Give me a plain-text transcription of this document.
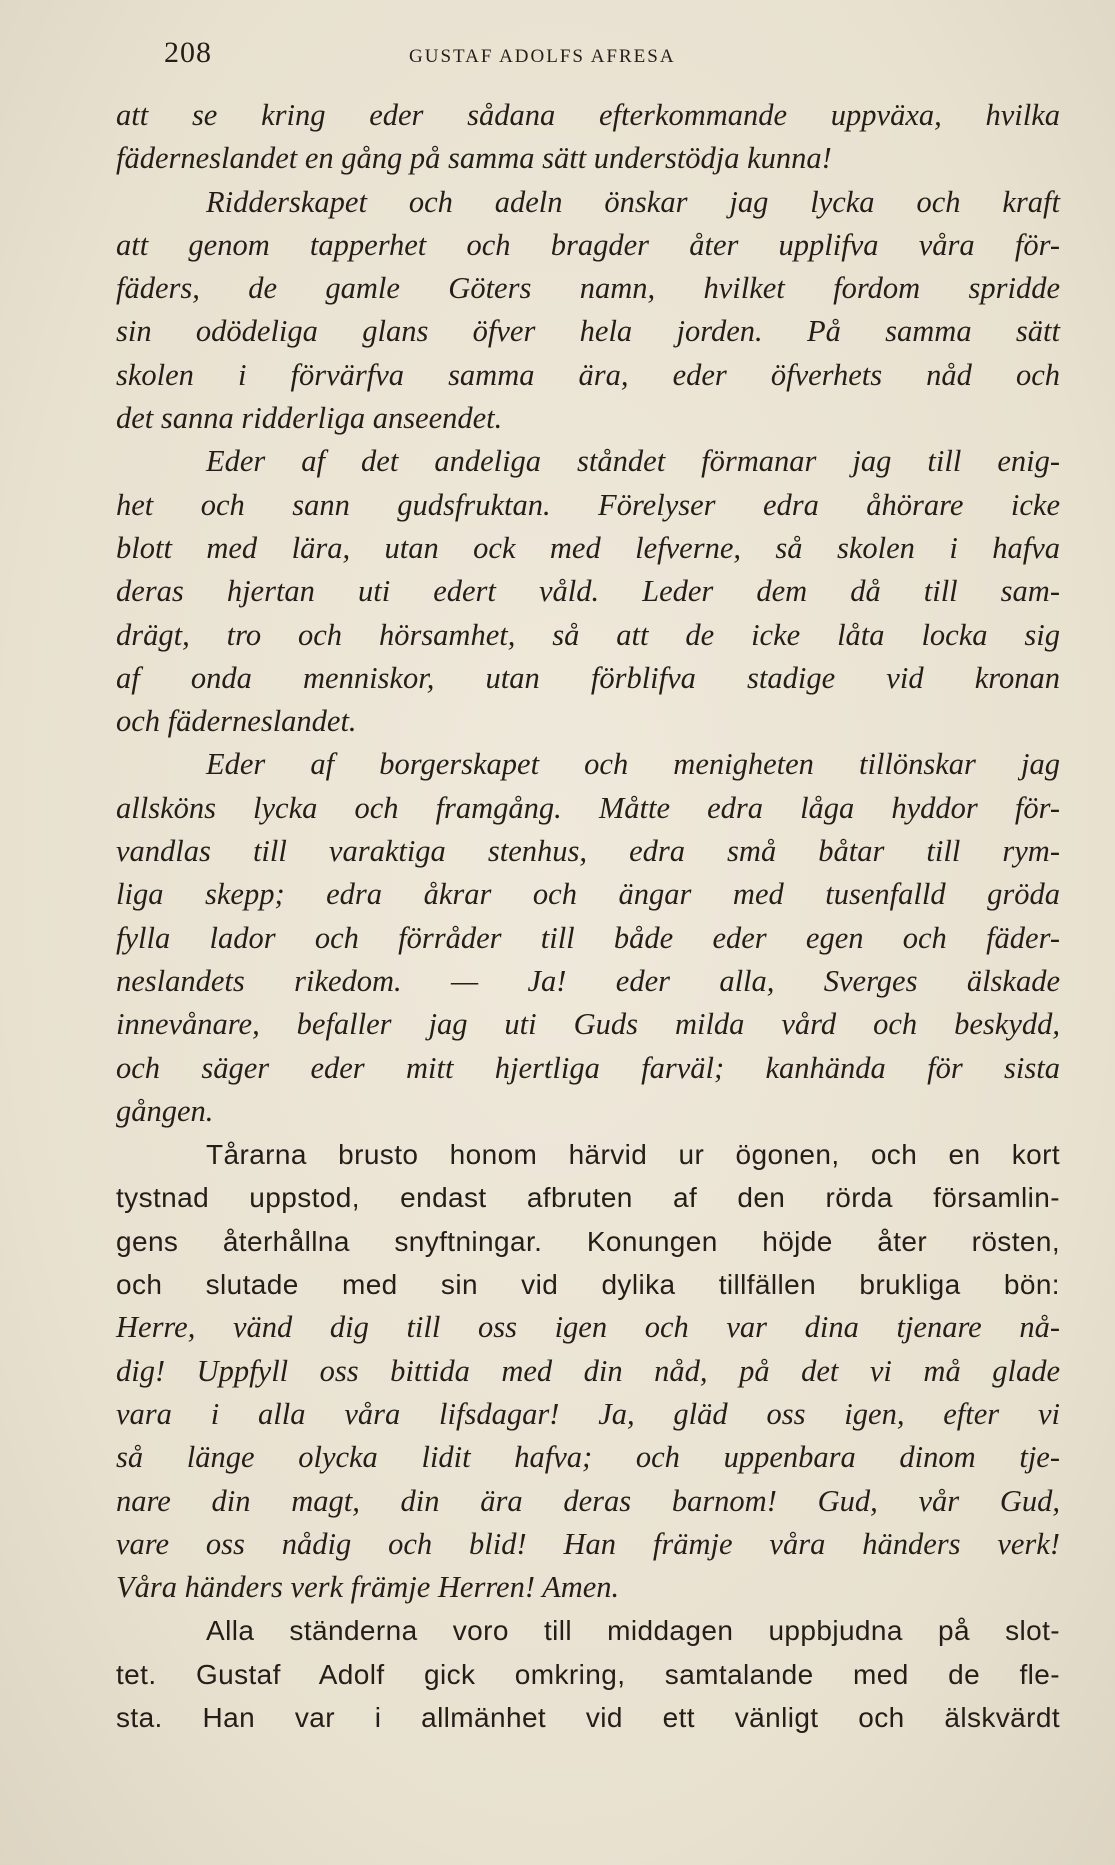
208	GUSTAF ADOLFS AFRESA
att se kring eder sådana efterkommande uppväxa, hvilka
fäderneslandet en gång på samma sätt understödja kunna!
Ridderskapet och adeln önskar jag lycka och kraft
att genom tapperhet och bragder åter upplifva våra för-
fäders, de gamle Göters namn, hvilket fordom spridde
sin odödeliga glans öfver hela jorden. På samma sätt
skolen i förvärfva samma ära, eder öfverhets nåd och
det sanna ridderliga anseendet.
Eder af det andeliga ståndet förmanar jag till enig-
het och sann gudsfruktan. Förelyser edra åhörare icke
blott med lära, utan ock med lefverne, så skolen i hafva
deras hjertan uti edert våld. Leder dem då till sam-
drägt, tro och hörsamhet, så att de icke låta locka sig
af onda menniskor, utan förblifva stadige vid kronan
och fäderneslandet.
Eder af borgerskapet och menigheten tillönskar jag
allsköns lycka och framgång. Måtte edra låga hyddor för-
vandlas till varaktiga stenhus, edra små båtar till rym-
liga skepp; edra åkrar och ängar med tusenfalld gröda
fylla lador och förråder till både eder egen och fäder-
neslandets rikedom. — Ja! eder alla, Sverges älskade
innevånare, befaller jag uti Guds milda vård och beskydd,
och säger eder mitt hjertliga farväl; kanhända för sista
gången.
Tårarna brusto honom härvid ur ögonen, och en kort
tystnad uppstod, endast afbruten af den rörda församlin-
gens återhållna snyftningar. Konungen höjde åter rösten,
och slutade med sin vid dylika tillfällen brukliga bön:
Herre, vänd dig till oss igen och var dina tjenare nå-
dig! Uppfyll oss bittida med din nåd, på det vi må glade
vara i alla våra lifsdagar! Ja, gläd oss igen, efter vi
så länge olycka lidit hafva; och uppenbara dinom tje-
nare din magt, din ära deras barnom! Gud, vår Gud,
vare oss nådig och blid! Han främje våra händers verk!
Våra händers verk främje Herren! Amen.
Alla ständerna voro till middagen uppbjudna på slot-
tet. Gustaf Adolf gick omkring, samtalande med de fle-
sta. Han var i allmänhet vid ett vänligt och älskvärdt
